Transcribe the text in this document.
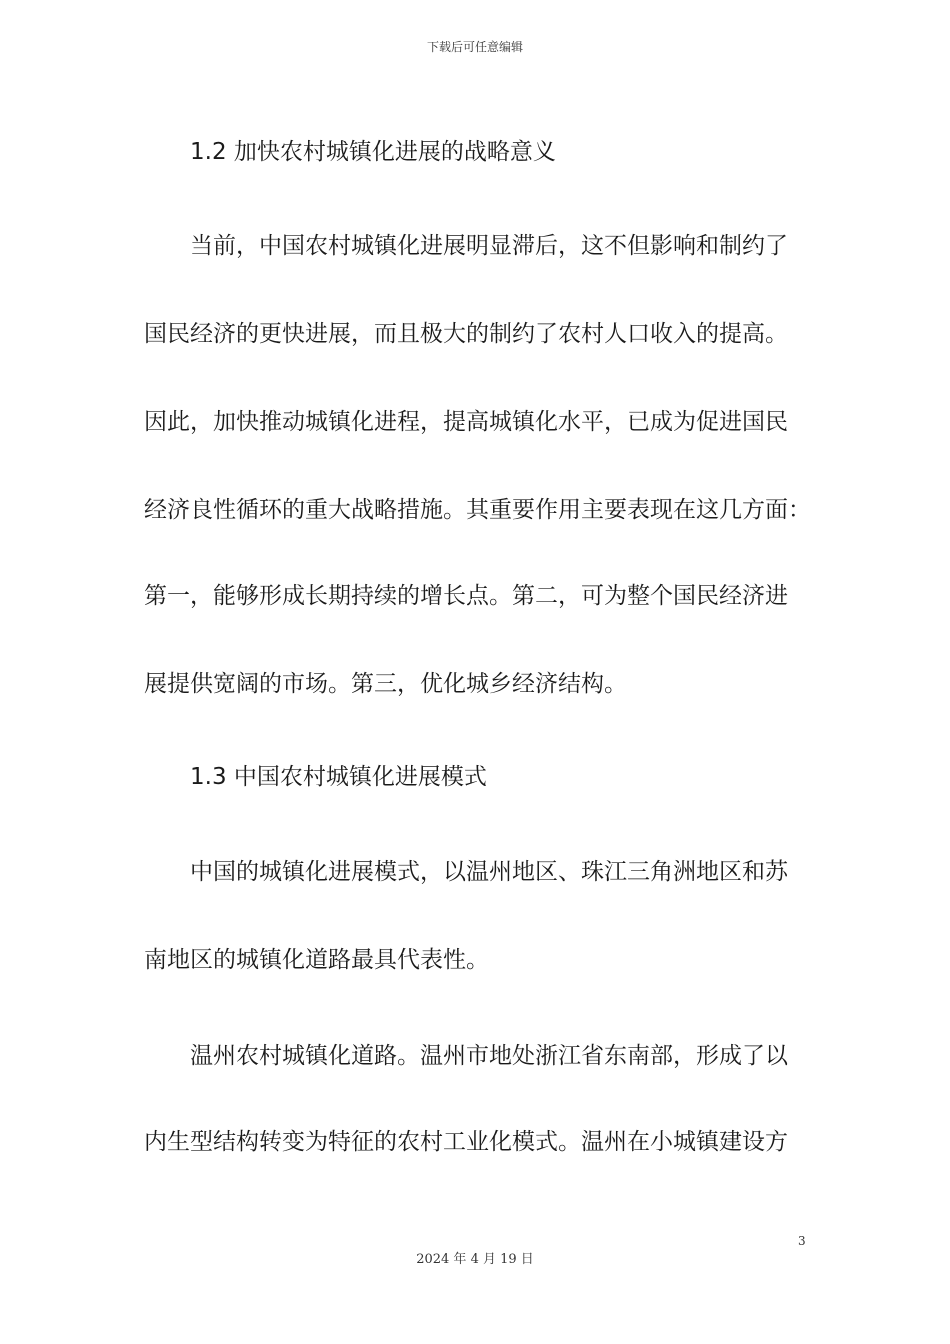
下载后可任意编辑
1.2 加快农村城镇化进展的战略意义
当前，中国农村城镇化进展明显滞后，这不但影响和制约了
国民经济的更快进展，而且极大的制约了农村人口收入的提高。
因此，加快推动城镇化进程，提高城镇化水平，已成为促进国民
经济良性循环的重大战略措施。其重要作用主要表现在这几方面：
第一，能够形成长期持续的增长点。第二，可为整个国民经济进
展提供宽阔的市场。第三，优化城乡经济结构。
1.3 中国农村城镇化进展模式
中国的城镇化进展模式，以温州地区、珠江三角洲地区和苏
南地区的城镇化道路最具代表性。
温州农村城镇化道路。温州市地处浙江省东南部，形成了以
内生型结构转变为特征的农村工业化模式。温州在小城镇建设方
3
2024 年 4 月 19 日
